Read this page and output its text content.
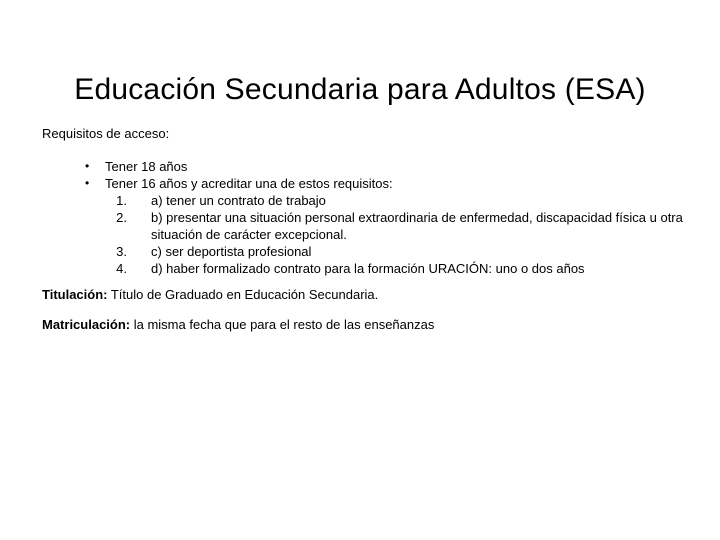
Educación Secundaria para Adultos (ESA)

Requisitos de acceso:

• Tener 18 años
• Tener 16 años y acreditar una de estos requisitos:
1. a) tener un contrato de trabajo
2. b) presentar una situación personal extraordinaria de enfermedad, discapacidad física u otra situación de carácter excepcional.
3. c) ser deportista profesional
4. d) haber formalizado contrato para la formación URACIÓN: uno o dos años

Titulación: Título de Graduado en Educación Secundaria.

Matriculación: la misma fecha que para el resto de las enseñanzas
